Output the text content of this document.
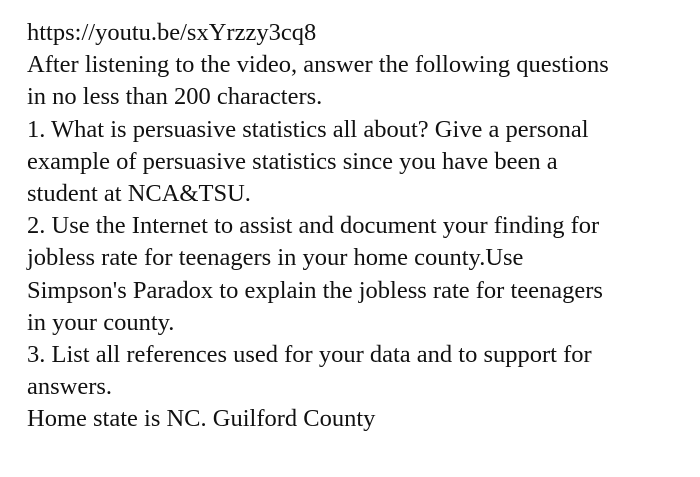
https://youtu.be/sxYrzzy3cq8
After listening to the video, answer the following questions
in no less than 200 characters.
1. What is persuasive statistics all about? Give a personal
example of persuasive statistics since you have been a
student at NCA&TSU.
2. Use the Internet to assist and document your finding for
jobless rate for teenagers in your home county.Use
Simpson's Paradox to explain the jobless rate for teenagers
in your county.
3. List all references used for your data and to support for
answers.
Home state is NC. Guilford County
